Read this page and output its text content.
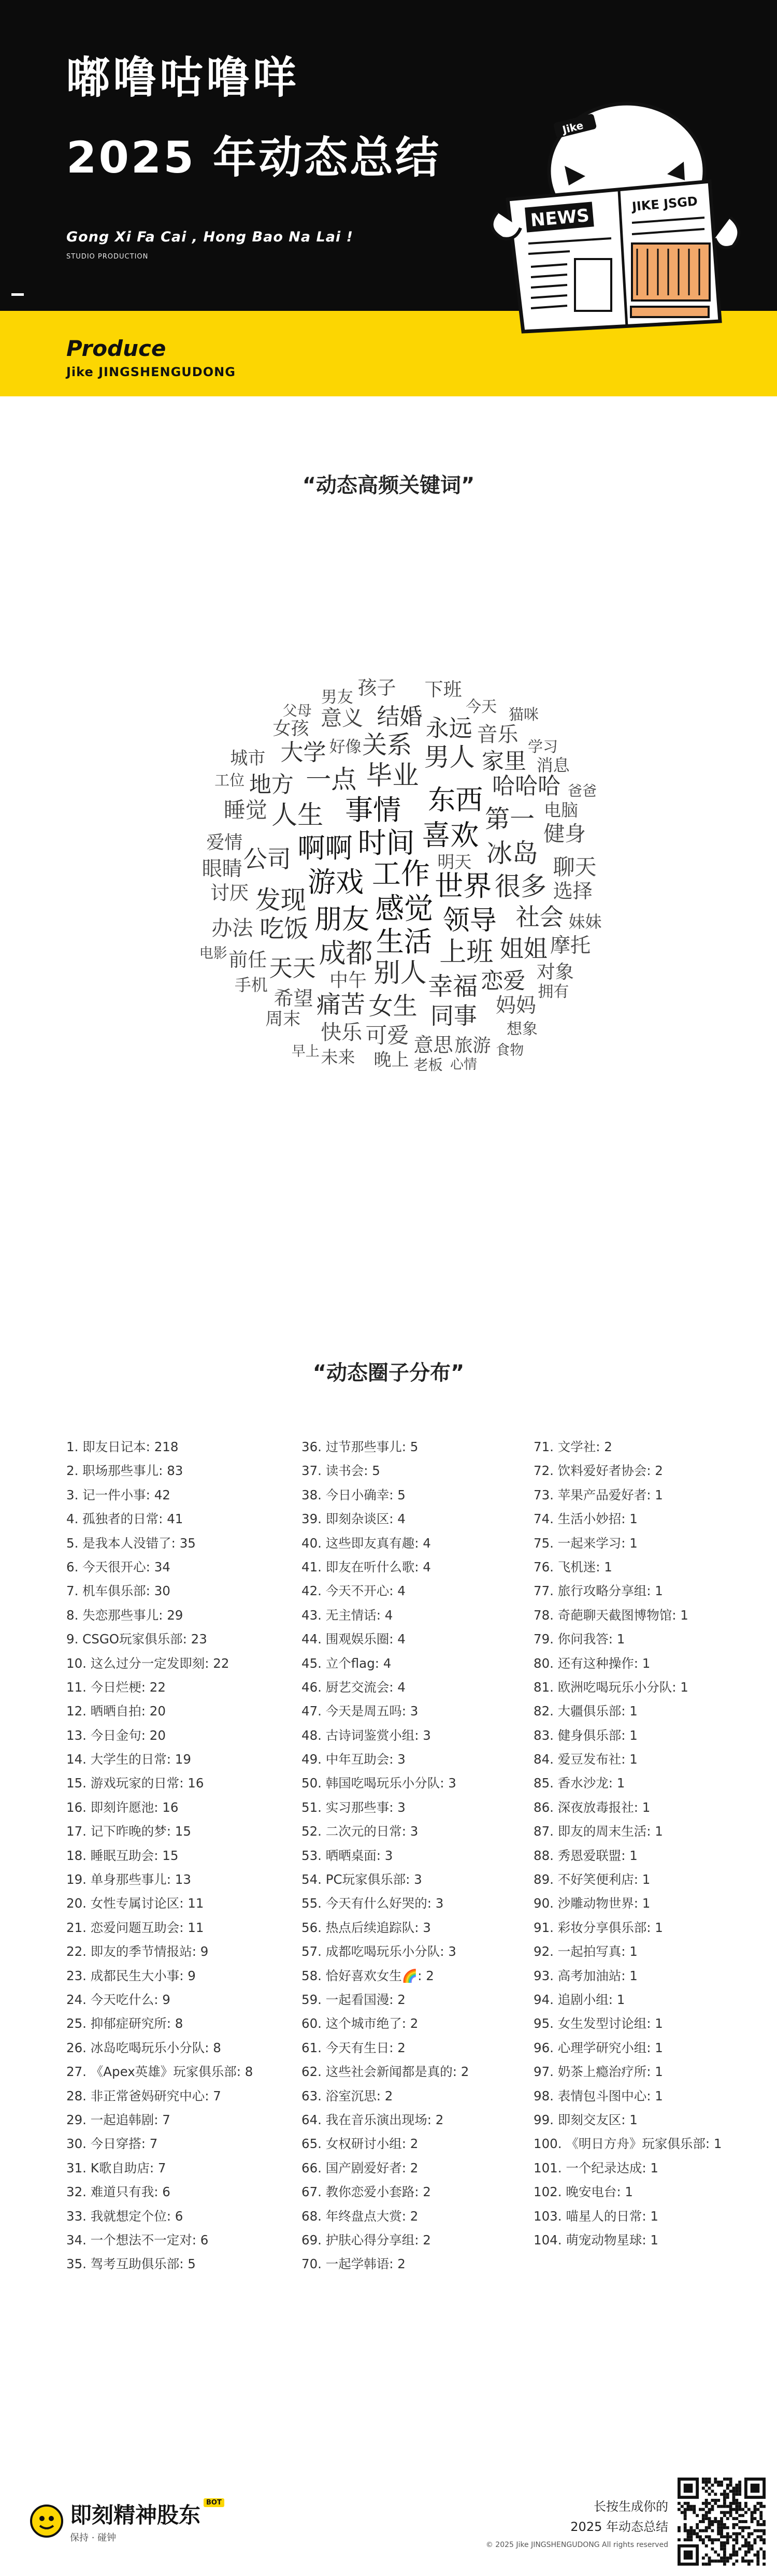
嘟噜咕噜咩
2025 年动态总结
Gong Xi Fa Cai , Hong Bao Na Lai !
STUDIO PRODUCTION
Produce
Jike JINGSHENGUDONG
Jike
NEWS
JIKE JSGD
“动态高频关键词”
工作
感觉
时间 喜欢
世界
游戏
生活
事情
朋友
啊啊
东西
领导
上班
成都
别人
毕业
冰岛
很多
人生
发现
一点
男人
幸福
关系
第一
女生
吃饭
痛苦
公司
姐姐
社会
天天
永远
同事
哈哈哈
大学
结婚
恋爱
地方
家里
可爱
睡觉
聊天
意义
健身
办法
音乐
快乐
眼睛
妈妈
摩托
希望
意思
选择
讨厌
前任
孩子
对象
中午
下班
爱情
女孩
旅游
晚上
周末
城市
未来
明天
电脑
妹妹
消息
手机
好像
男友	今天
拥有
想象
工位
学习
猫咪
父母
爸爸
老板
电影
早上	食物
心情
“动态圈子分布”
1. 即友日记本: 218
2. 职场那些事儿: 83
3. 记一件小事: 42
4. 孤独者的日常: 41
5. 是我本人没错了: 35
6. 今天很开心: 34
7. 机车俱乐部: 30
8. 失恋那些事儿: 29
9. CSGO玩家俱乐部: 23
10. 这么过分一定发即刻: 22
11. 今日烂梗: 22
12. 晒晒自拍: 20
13. 今日金句: 20
14. 大学生的日常: 19
15. 游戏玩家的日常: 16
16. 即刻许愿池: 16
17. 记下昨晚的梦: 15
18. 睡眠互助会: 15
19. 单身那些事儿: 13
20. 女性专属讨论区: 11
21. 恋爱问题互助会: 11
22. 即友的季节情报站: 9
23. 成都民生大小事: 9
24. 今天吃什么: 9
25. 抑郁症研究所: 8
26. 冰岛吃喝玩乐小分队: 8
27. 《Apex英雄》玩家俱乐部: 8
28. 非正常爸妈研究中心: 7
29. 一起追韩剧: 7
30. 今日穿搭: 7
31. K歌自助店: 7
32. 难道只有我: 6
33. 我就想定个位: 6
34. 一个想法不一定对: 6
35. 驾考互助俱乐部: 5
36. 过节那些事儿: 5
37. 读书会: 5
38. 今日小确幸: 5
39. 即刻杂谈区: 4
40. 这些即友真有趣: 4
41. 即友在听什么歌: 4
42. 今天不开心: 4
43. 无主情话: 4
44. 围观娱乐圈: 4
45. 立个flag: 4
46. 厨艺交流会: 4
47. 今天是周五吗: 3
48. 古诗词鉴赏小组: 3
49. 中年互助会: 3
50. 韩国吃喝玩乐小分队: 3
51. 实习那些事: 3
52. 二次元的日常: 3
53. 晒晒桌面: 3
54. PC玩家俱乐部: 3
55. 今天有什么好哭的: 3
56. 热点后续追踪队: 3
57. 成都吃喝玩乐小分队: 3
58. 恰好喜欢女生🌈: 2
59. 一起看国漫: 2
60. 这个城市绝了: 2
61. 今天有生日: 2
62. 这些社会新闻都是真的: 2
63. 浴室沉思: 2
64. 我在音乐演出现场: 2
65. 女权研讨小组: 2
66. 国产剧爱好者: 2
67. 教你恋爱小套路: 2
68. 年终盘点大赏: 2
69. 护肤心得分享组: 2
70. 一起学韩语: 2
71. 文学社: 2
72. 饮料爱好者协会: 2
73. 苹果产品爱好者: 1
74. 生活小妙招: 1
75. 一起来学习: 1
76. 飞机迷: 1
77. 旅行攻略分享组: 1
78. 奇葩聊天截图博物馆: 1
79. 你问我答: 1
80. 还有这种操作: 1
81. 欧洲吃喝玩乐小分队: 1
82. 大疆俱乐部: 1
83. 健身俱乐部: 1
84. 爱豆发布社: 1
85. 香水沙龙: 1
86. 深夜放毒报社: 1
87. 即友的周末生活: 1
88. 秀恩爱联盟: 1
89. 不好笑便利店: 1
90. 沙雕动物世界: 1
91. 彩妆分享俱乐部: 1
92. 一起拍写真: 1
93. 高考加油站: 1
94. 追剧小组: 1
95. 女生发型讨论组: 1
96. 心理学研究小组: 1
97. 奶茶上瘾治疗所: 1
98. 表情包斗图中心: 1
99. 即刻交友区: 1
100. 《明日方舟》玩家俱乐部: 1
101. 一个纪录达成: 1
102. 晚安电台: 1
103. 喵星人的日常: 1
104. 萌宠动物星球: 1
即刻精神股东 BOT
保持 · 碰钟
长按生成你的
2025 年动态总结
© 2025 Jike JINGSHENGUDONG All rights reserved
